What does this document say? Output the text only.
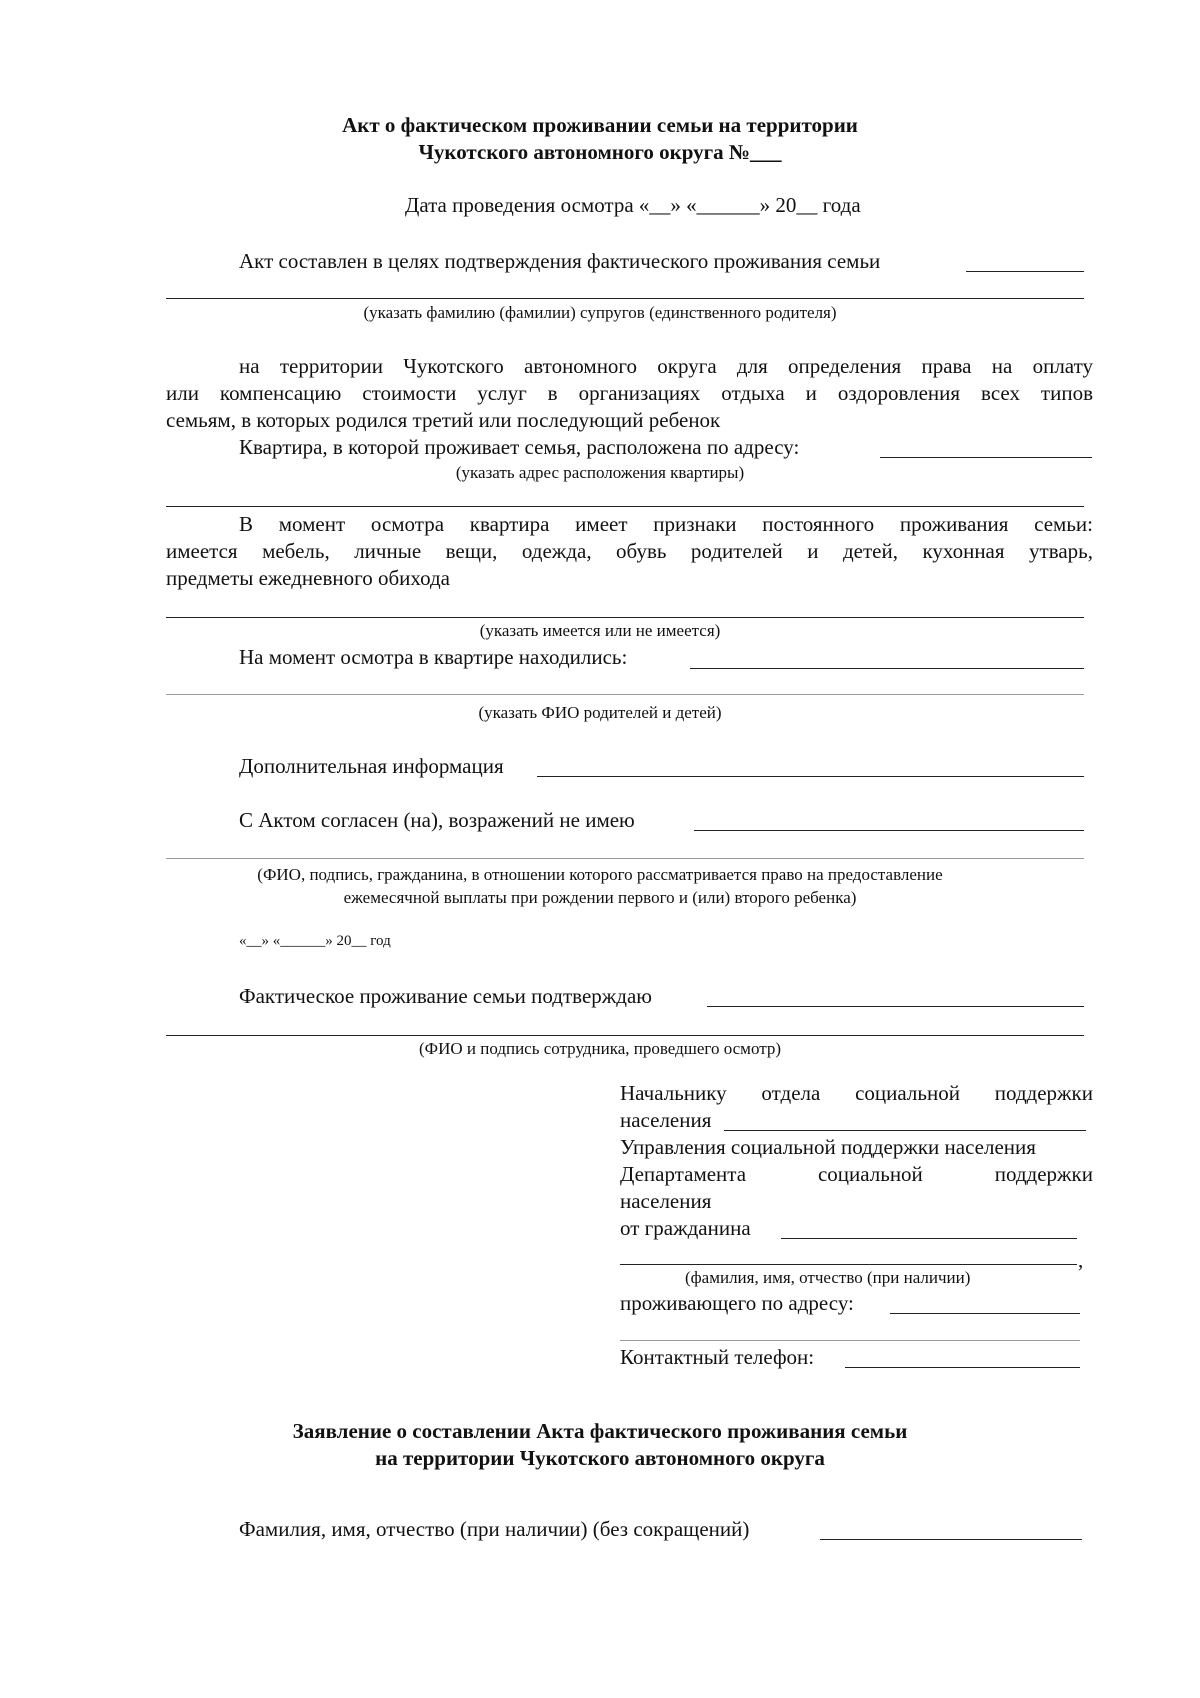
Акт о фактическом проживании семьи на территории
Чукотского автономного округа №___
Дата проведения осмотра «__» «______» 20__ года
Акт составлен в целях подтверждения фактического проживания семьи
(указать фамилию (фамилии) супругов (единственного родителя)
на территории Чукотского автономного округа для определения права на оплату
или компенсацию стоимости услуг в организациях отдыха и оздоровления всех типов
семьям, в которых родился третий или последующий ребенок
Квартира, в которой проживает семья, расположена по адресу:
(указать адрес расположения квартиры)
В момент осмотра квартира имеет признаки постоянного проживания семьи:
имеется мебель, личные вещи, одежда, обувь родителей и детей, кухонная утварь,
предметы ежедневного обихода
(указать имеется или не имеется)
На момент осмотра в квартире находились:
(указать ФИО родителей и детей)
Дополнительная информация
С Актом согласен (на), возражений не имею
(ФИО, подпись, гражданина, в отношении которого рассматривается право на предоставление
ежемесячной выплаты при рождении первого и (или) второго ребенка)
«__» «______» 20__ год
Фактическое проживание семьи подтверждаю
(ФИО и подпись сотрудника, проведшего осмотр)
Начальнику отдела социальной поддержки
населения
Управления социальной поддержки населения
Департамента социальной поддержки
населения
от гражданина
,
(фамилия, имя, отчество (при наличии)
проживающего по адресу:
Контактный телефон:
Заявление о составлении Акта фактического проживания семьи
на территории Чукотского автономного округа
Фамилия, имя, отчество (при наличии) (без сокращений)
